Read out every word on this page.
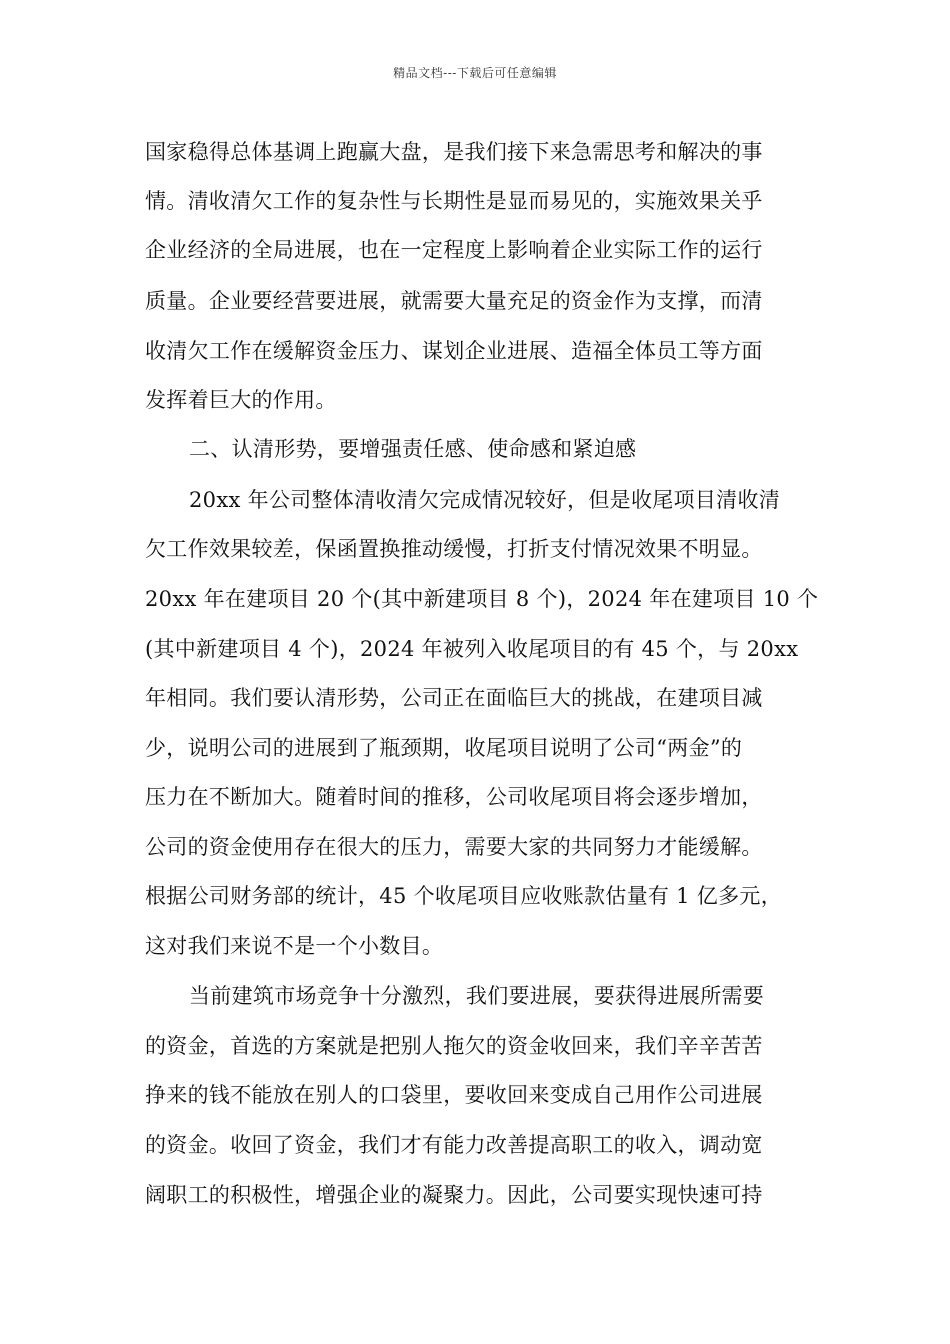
精品文档---下载后可任意编辑
国家稳得总体基调上跑赢大盘，是我们接下来急需思考和解决的事
情。清收清欠工作的复杂性与长期性是显而易见的，实施效果关乎
企业经济的全局进展，也在一定程度上影响着企业实际工作的运行
质量。企业要经营要进展，就需要大量充足的资金作为支撑，而清
收清欠工作在缓解资金压力、谋划企业进展、造福全体员工等方面
发挥着巨大的作用。
二、认清形势，要增强责任感、使命感和紧迫感
20xx 年公司整体清收清欠完成情况较好，但是收尾项目清收清
欠工作效果较差，保函置换推动缓慢，打折支付情况效果不明显。
20xx 年在建项目 20 个(其中新建项目 8 个)，2024 年在建项目 10 个
(其中新建项目 4 个)，2024 年被列入收尾项目的有 45 个，与 20xx
年相同。我们要认清形势，公司正在面临巨大的挑战，在建项目减
少，说明公司的进展到了瓶颈期，收尾项目说明了公司“两金”的
压力在不断加大。随着时间的推移，公司收尾项目将会逐步增加，
公司的资金使用存在很大的压力，需要大家的共同努力才能缓解。
根据公司财务部的统计，45 个收尾项目应收账款估量有 1 亿多元，
这对我们来说不是一个小数目。
当前建筑市场竞争十分激烈，我们要进展，要获得进展所需要
的资金，首选的方案就是把别人拖欠的资金收回来，我们辛辛苦苦
挣来的钱不能放在别人的口袋里，要收回来变成自己用作公司进展
的资金。收回了资金，我们才有能力改善提高职工的收入，调动宽
阔职工的积极性，增强企业的凝聚力。因此，公司要实现快速可持
